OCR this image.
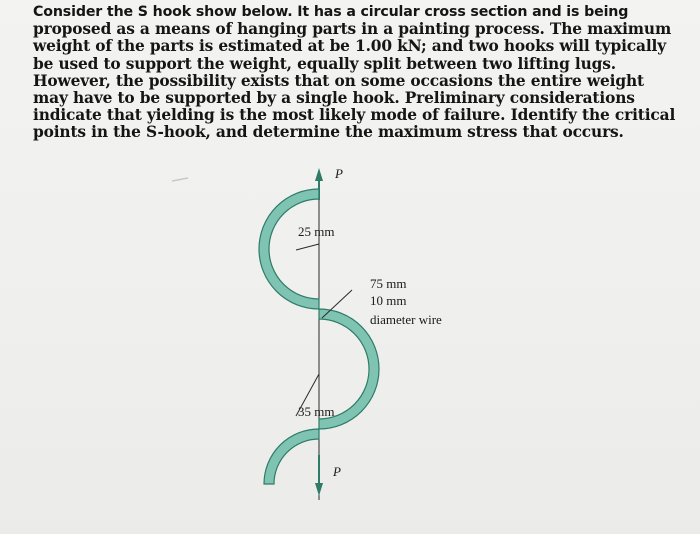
Consider the S hook show below. It has a circular cross section and is being
proposed as a means of hanging parts in a painting process. The maximum
weight of the parts is estimated at be 1.00 kN; and two hooks will typically
be used to support the weight, equally split between two lifting lugs.
However, the possibility exists that on some occasions the entire weight
may have to be supported by a single hook. Preliminary considerations
indicate that yielding is the most likely mode of failure. Identify the critical
points in the S-hook, and determine the maximum stress that occurs.
P
25 mm
35 mm
75 mm
10 mm
diameter wire
P
